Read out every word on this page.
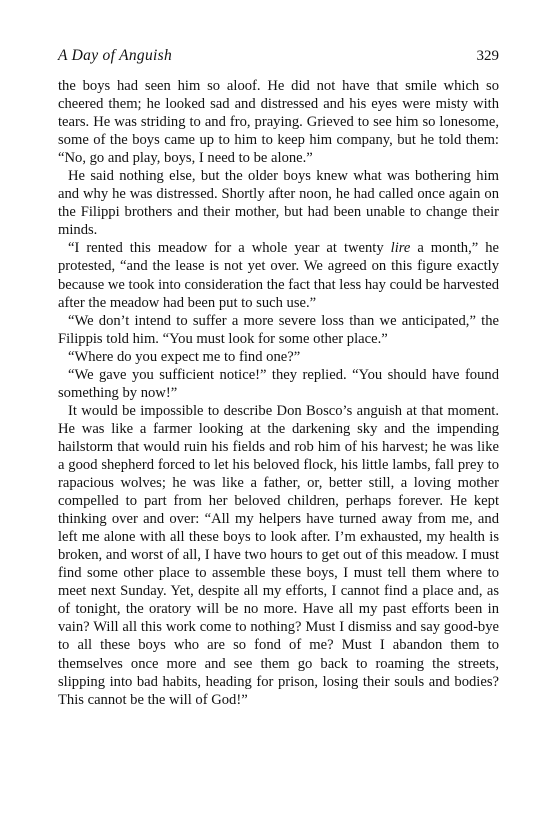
A Day of Anguish	329

the boys had seen him so aloof. He did not have that smile which so cheered them; he looked sad and distressed and his eyes were misty with tears. He was striding to and fro, praying. Grieved to see him so lonesome, some of the boys came up to him to keep him company, but he told them: “No, go and play, boys, I need to be alone.”

He said nothing else, but the older boys knew what was bothering him and why he was distressed. Shortly after noon, he had called once again on the Filippi brothers and their mother, but had been unable to change their minds.

“I rented this meadow for a whole year at twenty lire a month,” he protested, “and the lease is not yet over. We agreed on this figure exactly because we took into consideration the fact that less hay could be harvested after the meadow had been put to such use.”

“We don’t intend to suffer a more severe loss than we anticipated,” the Filippis told him. “You must look for some other place.”

“Where do you expect me to find one?”

“We gave you sufficient notice!” they replied. “You should have found something by now!”

It would be impossible to describe Don Bosco’s anguish at that moment. He was like a farmer looking at the darkening sky and the impending hailstorm that would ruin his fields and rob him of his harvest; he was like a good shepherd forced to let his beloved flock, his little lambs, fall prey to rapacious wolves; he was like a father, or, better still, a loving mother compelled to part from her beloved children, perhaps forever. He kept thinking over and over: “All my helpers have turned away from me, and left me alone with all these boys to look after. I’m exhausted, my health is broken, and worst of all, I have two hours to get out of this meadow. I must find some other place to assemble these boys, I must tell them where to meet next Sunday. Yet, despite all my efforts, I cannot find a place and, as of tonight, the oratory will be no more. Have all my past efforts been in vain? Will all this work come to nothing? Must I dismiss and say good-bye to all these boys who are so fond of me? Must I abandon them to themselves once more and see them go back to roaming the streets, slipping into bad habits, heading for prison, losing their souls and bodies? This cannot be the will of God!”
